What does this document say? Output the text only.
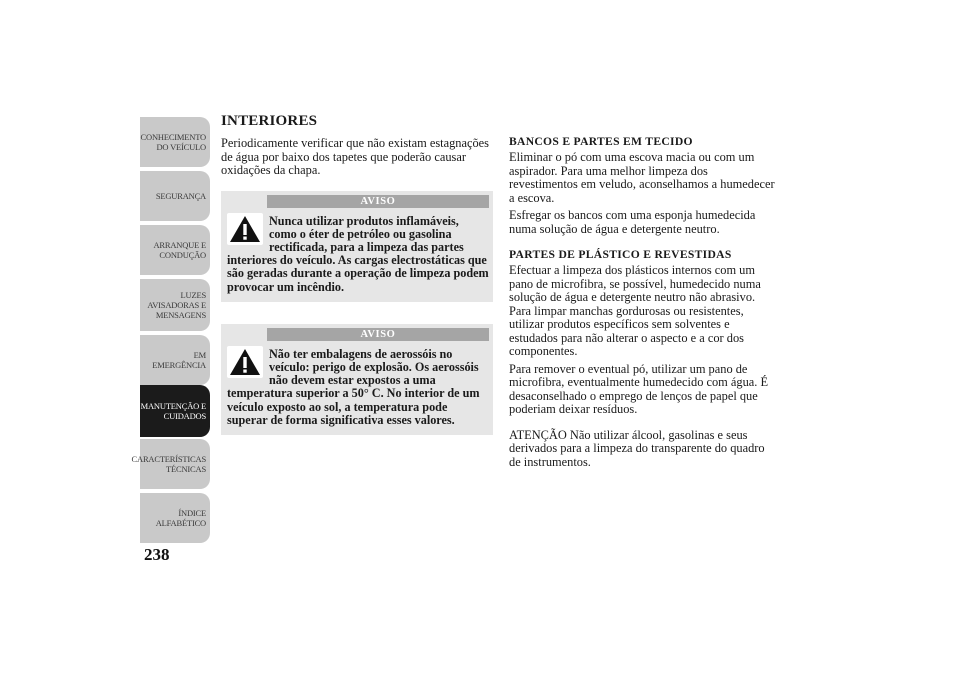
CONHECIMENTO
DO VEÍCULO
SEGURANÇA
ARRANQUE E
CONDUÇÃO
LUZES
AVISADORAS E
MENSAGENS
EM EMERGÊNCIA
MANUTENÇÃO E
CUIDADOS
CARACTERÍSTICAS
TÉCNICAS
ÍNDICE
ALFABÉTICO
238
INTERIORES

Periodicamente verificar que não existam estagnações de água por baixo dos tapetes que poderão causar oxidações da chapa.

AVISO
Nunca utilizar produtos inflamáveis, como o éter de petróleo ou gasolina rectificada, para a limpeza das partes interiores do veículo. As cargas electrostáticas que são geradas durante a operação de limpeza podem provocar um incêndio.
AVISO
Não ter embalagens de aerossóis no veículo: perigo de explosão. Os aerossóis não devem estar expostos a uma temperatura superior a 50° C. No interior de um veículo exposto ao sol, a temperatura pode superar de forma significativa esses valores.
BANCOS E PARTES EM TECIDO

Eliminar o pó com uma escova macia ou com um aspirador. Para uma melhor limpeza dos revestimentos em veludo, aconselhamos a humedecer a escova.

Esfregar os bancos com uma esponja humedecida numa solução de água e detergente neutro.

PARTES DE PLÁSTICO E REVESTIDAS

Efectuar a limpeza dos plásticos internos com um pano de microfibra, se possível, humedecido numa solução de água e detergente neutro não abrasivo. Para limpar manchas gordurosas ou resistentes, utilizar produtos específicos sem solventes e estudados para não alterar o aspecto e a cor dos componentes.

Para remover o eventual pó, utilizar um pano de microfibra, eventualmente humedecido com água. É desaconselhado o emprego de lenços de papel que poderiam deixar resíduos.

ATENÇÃO Não utilizar álcool, gasolinas e seus derivados para a limpeza do transparente do quadro de instrumentos.
